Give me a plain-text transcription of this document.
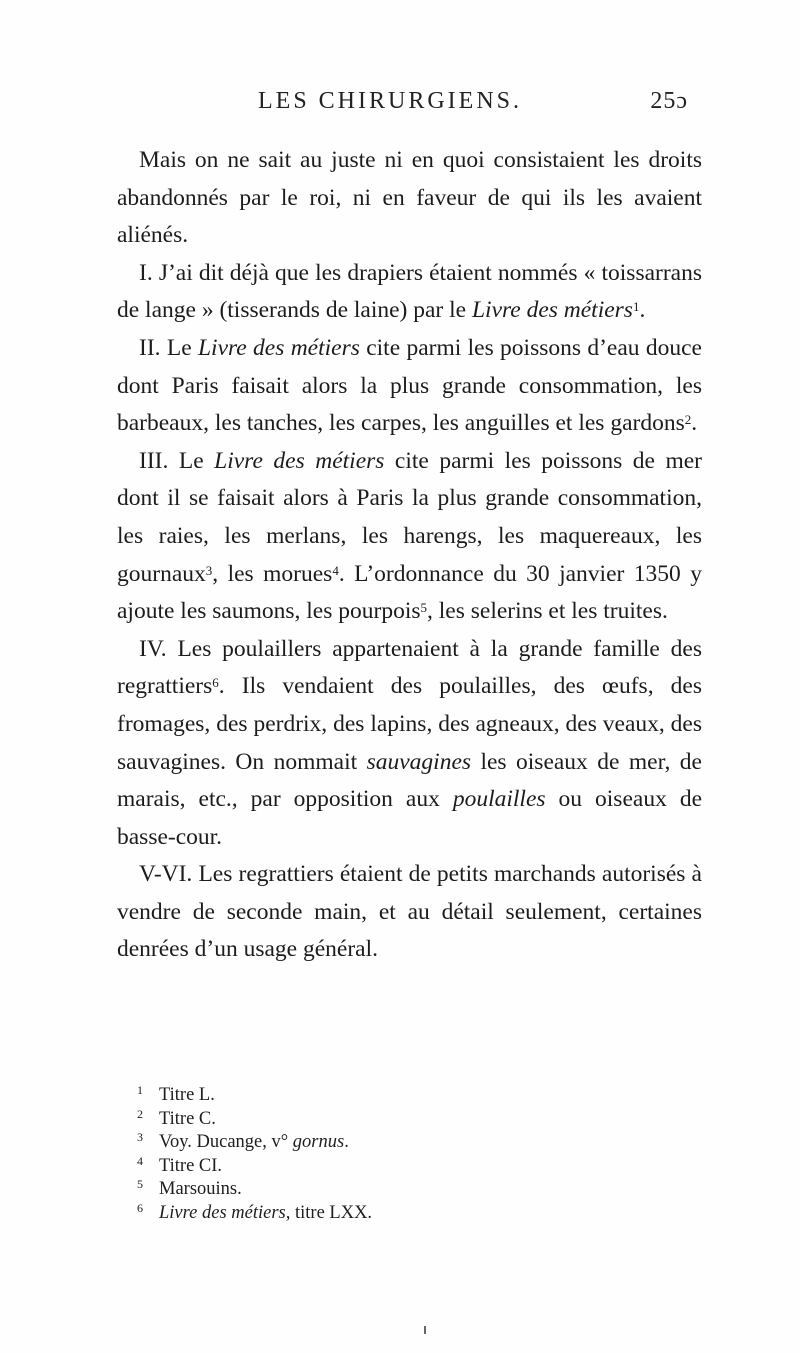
LES CHIRURGIENS.	25ɔ

Mais on ne sait au juste ni en quoi consistaient les droits abandonnés par le roi, ni en faveur de qui ils les avaient aliénés.

I. J’ai dit déjà que les drapiers étaient nommés « toissarrans de lange » (tisserands de laine) par le Livre des métiers$^1$.

II. Le Livre des métiers cite parmi les poissons d’eau douce dont Paris faisait alors la plus grande consommation, les barbeaux, les tanches, les carpes, les anguilles et les gardons$^2$.

III. Le Livre des métiers cite parmi les poissons de mer dont il se faisait alors à Paris la plus grande consommation, les raies, les merlans, les harengs, les maquereaux, les gournaux$^3$, les morues$^4$. L’ordonnance du 30 janvier 1350 y ajoute les saumons, les pourpois$^5$, les selerins et les truites.

IV. Les poulaillers appartenaient à la grande famille des regrattiers$^6$. Ils vendaient des poulailles, des œufs, des fromages, des perdrix, des lapins, des agneaux, des veaux, des sauvagines. On nommait sauvagines les oiseaux de mer, de marais, etc., par opposition aux poulailles ou oiseaux de basse-cour.

V-VI. Les regrattiers étaient de petits marchands autorisés à vendre de seconde main, et au détail seulement, certaines denrées d’un usage général.

1 Titre L.
2 Titre C.
3 Voy. Ducange, v° gornus.
4 Titre CI.
5 Marsouins.
6 Livre des métiers, titre LXX.
